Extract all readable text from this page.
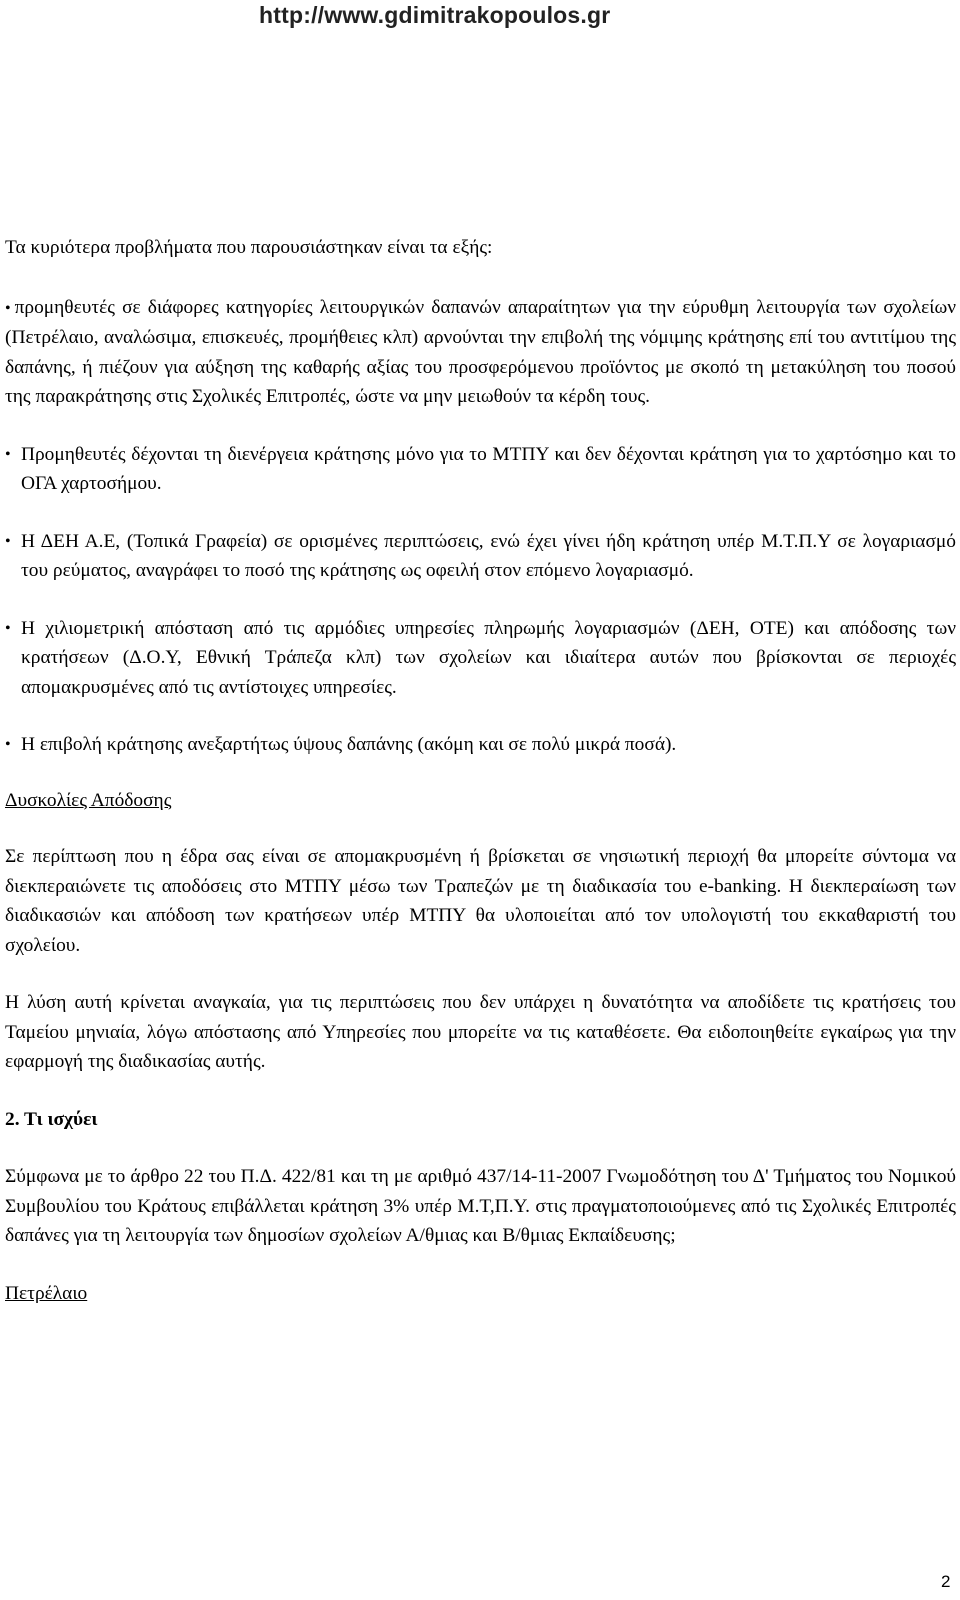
http://www.gdimitrakopoulos.gr

Τα κυριότερα προβλήματα που παρουσιάστηκαν είναι τα εξής:

• προμηθευτές σε διάφορες κατηγορίες λειτουργικών δαπανών απαραίτητων για την εύρυθμη λειτουργία των σχολείων (Πετρέλαιο, αναλώσιμα, επισκευές, προμήθειες κλπ) αρνούνται την επιβολή της νόμιμης κράτησης επί του αντιτίμου της δαπάνης, ή πιέζουν για αύξηση της καθαρής αξίας του προσφερόμενου προϊόντος με σκοπό τη μετακύληση του ποσού της παρακράτησης στις Σχολικές Επιτροπές, ώστε να μην μειωθούν τα κέρδη τους.
• Προμηθευτές δέχονται τη διενέργεια κράτησης μόνο για το ΜΤΠΥ και δεν δέχονται κράτηση για το χαρτόσημο και το ΟΓΑ χαρτοσήμου.
• Η ΔΕΗ Α.Ε, (Τοπικά Γραφεία) σε ορισμένες περιπτώσεις, ενώ έχει γίνει ήδη κράτηση υπέρ Μ.Τ.Π.Υ σε λογαριασμό του ρεύματος, αναγράφει το ποσό της κράτησης ως οφειλή στον επόμενο λογαριασμό.
• Η χιλιομετρική απόσταση από τις αρμόδιες υπηρεσίες πληρωμής λογαριασμών (ΔΕΗ, ΟΤΕ) και απόδοσης των κρατήσεων (Δ.Ο.Υ, Εθνική Τράπεζα κλπ) των σχολείων και ιδιαίτερα αυτών που βρίσκονται σε περιοχές απομακρυσμένες από τις αντίστοιχες υπηρεσίες.
• Η επιβολή κράτησης ανεξαρτήτως ύψους δαπάνης (ακόμη και σε πολύ μικρά ποσά).

Δυσκολίες Απόδοσης

Σε περίπτωση που η έδρα σας είναι σε απομακρυσμένη ή βρίσκεται σε νησιωτική περιοχή θα μπορείτε σύντομα να διεκπεραιώνετε τις αποδόσεις στο ΜΤΠΥ μέσω των Τραπεζών με τη διαδικασία του e-banking. Η διεκπεραίωση των διαδικασιών και απόδοση των κρατήσεων υπέρ ΜΤΠΥ θα υλοποιείται από τον υπολογιστή του εκκαθαριστή του σχολείου.

Η λύση αυτή κρίνεται αναγκαία, για τις περιπτώσεις που δεν υπάρχει η δυνατότητα να αποδίδετε τις κρατήσεις του Ταμείου μηνιαία, λόγω απόστασης από Υπηρεσίες που μπορείτε να τις καταθέσετε. Θα ειδοποιηθείτε εγκαίρως για την εφαρμογή της διαδικασίας αυτής.

2. Τι ισχύει

Σύμφωνα με το άρθρο 22 του Π.Δ. 422/81 και τη με αριθμό 437/14-11-2007 Γνωμοδότηση του Δ' Τμήματος του Νομικού Συμβουλίου του Κράτους επιβάλλεται κράτηση 3% υπέρ Μ.Τ,Π.Υ. στις πραγματοποιούμενες από τις Σχολικές Επιτροπές δαπάνες για τη λειτουργία των δημοσίων σχολείων Α/θμιας και Β/θμιας Εκπαίδευσης;

Πετρέλαιο

2
